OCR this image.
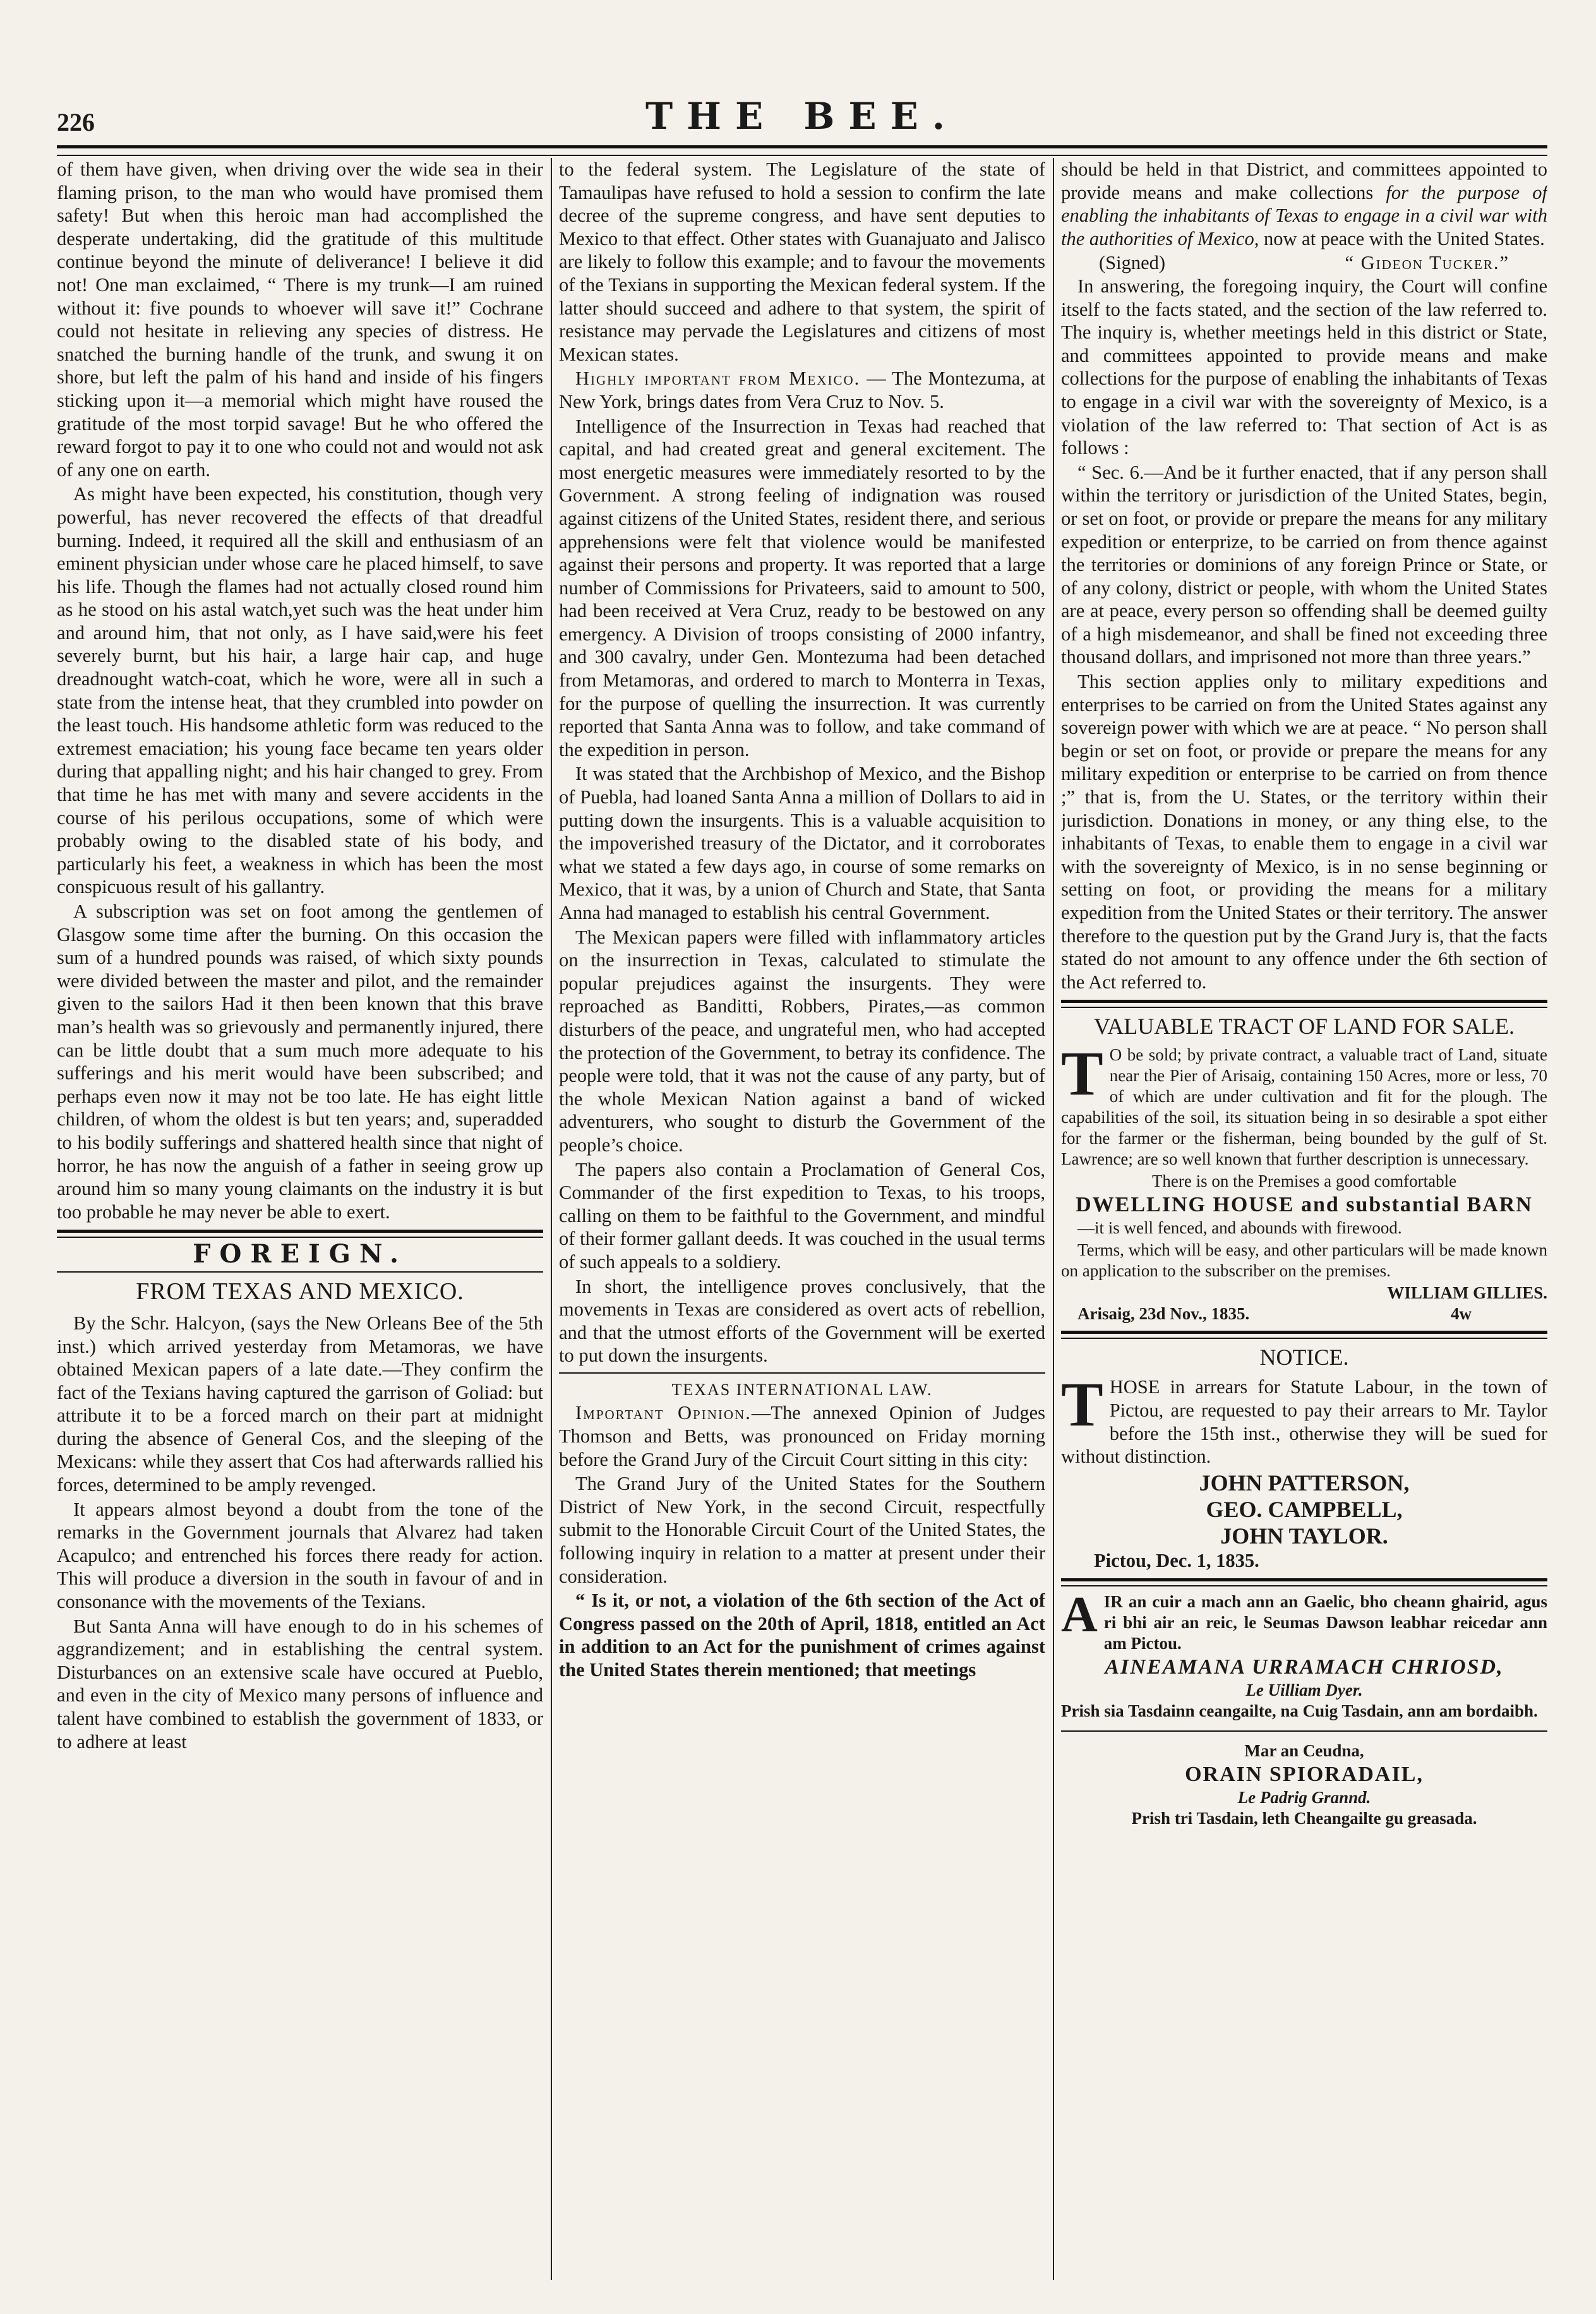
226	THE BEE.

of them have given, when driving over the wide sea in their flaming prison, to the man who would have promised them safety! But when this heroic man had accomplished the desperate undertaking, did the gratitude of this multitude continue beyond the minute of deliverance! I believe it did not! One man exclaimed, “ There is my trunk—I am ruined without it: five pounds to whoever will save it!” Cochrane could not hesitate in relieving any species of distress. He snatched the burning handle of the trunk, and swung it on shore, but left the palm of his hand and inside of his fingers sticking upon it—a memorial which might have roused the gratitude of the most torpid savage! But he who offered the reward forgot to pay it to one who could not and would not ask of any one on earth.

As might have been expected, his constitution, though very powerful, has never recovered the effects of that dreadful burning. Indeed, it required all the skill and enthusiasm of an eminent physician under whose care he placed himself, to save his life. Though the flames had not actually closed round him as he stood on his astal watch,yet such was the heat under him and around him, that not only, as I have said,were his feet severely burnt, but his hair, a large hair cap, and huge dreadnought watch-coat, which he wore, were all in such a state from the intense heat, that they crumbled into powder on the least touch. His handsome athletic form was reduced to the extremest emaciation; his young face became ten years older during that appalling night; and his hair changed to grey. From that time he has met with many and severe accidents in the course of his perilous occupations, some of which were probably owing to the disabled state of his body, and particularly his feet, a weakness in which has been the most conspicuous result of his gallantry.

A subscription was set on foot among the gentlemen of Glasgow some time after the burning. On this occasion the sum of a hundred pounds was raised, of which sixty pounds were divided between the master and pilot, and the remainder given to the sailors Had it then been known that this brave man’s health was so grievously and permanently injured, there can be little doubt that a sum much more adequate to his sufferings and his merit would have been subscribed; and perhaps even now it may not be too late. He has eight little children, of whom the oldest is but ten years; and, superadded to his bodily sufferings and shattered health since that night of horror, he has now the anguish of a father in seeing grow up around him so many young claimants on the industry it is but too probable he may never be able to exert.

FOREIGN.
FROM TEXAS AND MEXICO.

By the Schr. Halcyon, (says the New Orleans Bee of the 5th inst.) which arrived yesterday from Metamoras, we have obtained Mexican papers of a late date.—They confirm the fact of the Texians having captured the garrison of Goliad: but attribute it to be a forced march on their part at midnight during the absence of General Cos, and the sleeping of the Mexicans: while they assert that Cos had afterwards rallied his forces, determined to be amply revenged.

It appears almost beyond a doubt from the tone of the remarks in the Government journals that Alvarez had taken Acapulco; and entrenched his forces there ready for action. This will produce a diversion in the south in favour of and in consonance with the movements of the Texians.

But Santa Anna will have enough to do in his schemes of aggrandizement; and in establishing the central system. Disturbances on an extensive scale have occured at Pueblo, and even in the city of Mexico many persons of influence and talent have combined to establish the government of 1833, or to adhere at least

to the federal system. The Legislature of the state of Tamaulipas have refused to hold a session to confirm the late decree of the supreme congress, and have sent deputies to Mexico to that effect. Other states with Guanajuato and Jalisco are likely to follow this example; and to favour the movements of the Texians in supporting the Mexican federal system. If the latter should succeed and adhere to that system, the spirit of resistance may pervade the Legislatures and citizens of most Mexican states.

Highly important from Mexico. — The Montezuma, at New York, brings dates from Vera Cruz to Nov. 5.

Intelligence of the Insurrection in Texas had reached that capital, and had created great and general excitement. The most energetic measures were immediately resorted to by the Government. A strong feeling of indignation was roused against citizens of the United States, resident there, and serious apprehensions were felt that violence would be manifested against their persons and property. It was reported that a large number of Commissions for Privateers, said to amount to 500, had been received at Vera Cruz, ready to be bestowed on any emergency. A Division of troops consisting of 2000 infantry, and 300 cavalry, under Gen. Montezuma had been detached from Metamoras, and ordered to march to Monterra in Texas, for the purpose of quelling the insurrection. It was currently reported that Santa Anna was to follow, and take command of the expedition in person.

It was stated that the Archbishop of Mexico, and the Bishop of Puebla, had loaned Santa Anna a million of Dollars to aid in putting down the insurgents. This is a valuable acquisition to the impoverished treasury of the Dictator, and it corroborates what we stated a few days ago, in course of some remarks on Mexico, that it was, by a union of Church and State, that Santa Anna had managed to establish his central Government.

The Mexican papers were filled with inflammatory articles on the insurrection in Texas, calculated to stimulate the popular prejudices against the insurgents. They were reproached as Banditti, Robbers, Pirates,—as common disturbers of the peace, and ungrateful men, who had accepted the protection of the Government, to betray its confidence. The people were told, that it was not the cause of any party, but of the whole Mexican Nation against a band of wicked adventurers, who sought to disturb the Government of the people’s choice.

The papers also contain a Proclamation of General Cos, Commander of the first expedition to Texas, to his troops, calling on them to be faithful to the Government, and mindful of their former gallant deeds. It was couched in the usual terms of such appeals to a soldiery.

In short, the intelligence proves conclusively, that the movements in Texas are considered as overt acts of rebellion, and that the utmost efforts of the Government will be exerted to put down the insurgents.

TEXAS INTERNATIONAL LAW.

Important Opinion.—The annexed Opinion of Judges Thomson and Betts, was pronounced on Friday morning before the Grand Jury of the Circuit Court sitting in this city:

The Grand Jury of the United States for the Southern District of New York, in the second Circuit, respectfully submit to the Honorable Circuit Court of the United States, the following inquiry in relation to a matter at present under their consideration.

“ Is it, or not, a violation of the 6th section of the Act of Congress passed on the 20th of April, 1818, entitled an Act in addition to an Act for the punishment of crimes against the United States therein mentioned; that meetings

should be held in that District, and committees appointed to provide means and make collections for the purpose of enabling the inhabitants of Texas to engage in a civil war with the authorities of Mexico, now at peace with the United States.

(Signed)	“ Gideon Tucker.”

In answering, the foregoing inquiry, the Court will confine itself to the facts stated, and the section of the law referred to. The inquiry is, whether meetings held in this district or State, and committees appointed to provide means and make collections for the purpose of enabling the inhabitants of Texas to engage in a civil war with the sovereignty of Mexico, is a violation of the law referred to: That section of Act is as follows :

“ Sec. 6.—And be it further enacted, that if any person shall within the territory or jurisdiction of the United States, begin, or set on foot, or provide or prepare the means for any military expedition or enterprize, to be carried on from thence against the territories or dominions of any foreign Prince or State, or of any colony, district or people, with whom the United States are at peace, every person so offending shall be deemed guilty of a high misdemeanor, and shall be fined not exceeding three thousand dollars, and imprisoned not more than three years.”

This section applies only to military expeditions and enterprises to be carried on from the United States against any sovereign power with which we are at peace. “ No person shall begin or set on foot, or provide or prepare the means for any military expedition or enterprise to be carried on from thence ;” that is, from the U. States, or the territory within their jurisdiction. Donations in money, or any thing else, to the inhabitants of Texas, to enable them to engage in a civil war with the sovereignty of Mexico, is in no sense beginning or setting on foot, or providing the means for a military expedition from the United States or their territory. The answer therefore to the question put by the Grand Jury is, that the facts stated do not amount to any offence under the 6th section of the Act referred to.

VALUABLE TRACT OF LAND FOR SALE.

T O be sold; by private contract, a valuable tract of Land, situate near the Pier of Arisaig, containing 150 Acres, more or less, 70 of which are under cultivation and fit for the plough. The capabilities of the soil, its situation being in so desirable a spot either for the farmer or the fisherman, being bounded by the gulf of St. Lawrence; are so well known that further description is unnecessary.

There is on the Premises a good comfortable

DWELLING HOUSE and substantial BARN

—it is well fenced, and abounds with firewood.

Terms, which will be easy, and other particulars will be made known on application to the subscriber on the premises.

WILLIAM GILLIES.
Arisaig, 23d Nov., 1835.	4w
NOTICE.

THOSE in arrears for Statute Labour, in the town of Pictou, are requested to pay their arrears to Mr. Taylor before the 15th inst., otherwise they will be sued for without distinction.

JOHN PATTERSON,
GEO. CAMPBELL,
JOHN TAYLOR.

Pictou, Dec. 1, 1835.

AIR an cuir a mach ann an Gaelic, bho cheann ghairid, agus ri bhi air an reic, le Seumas Dawson leabhar reicedar ann am Pictou.

AINEAMANA URRAMACH CHRIOSD,
Le Uilliam Dyer.

Prish sia Tasdainn ceangailte, na Cuig Tasdain, ann am bordaibh.

Mar an Ceudna,
ORAIN SPIORADAIL,
Le Padrig Grannd.

Prish tri Tasdain, leth Cheangailte gu greasada.
